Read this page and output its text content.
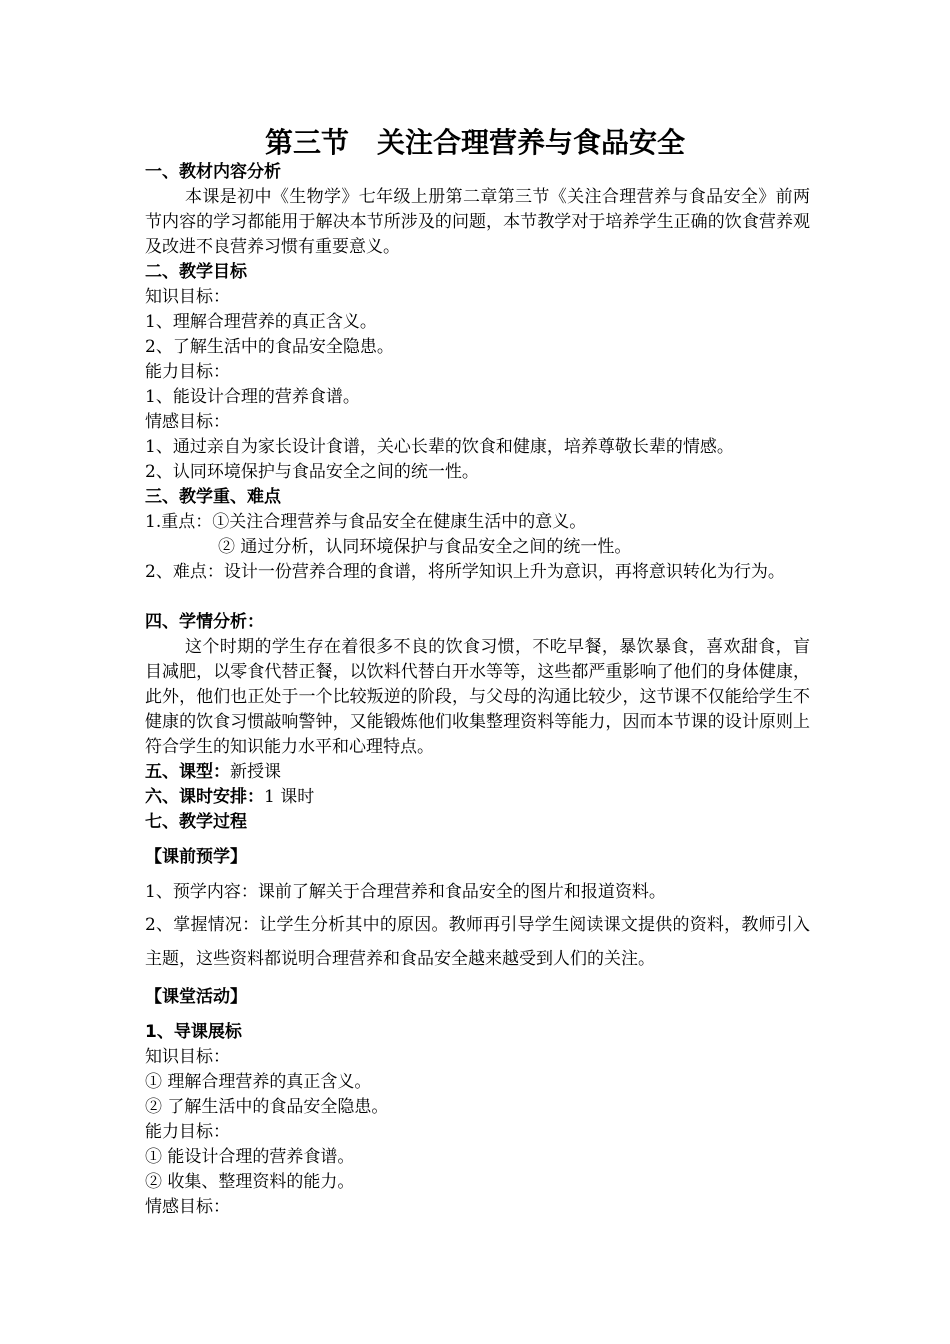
第三节 关注合理营养与食品安全
一、教材内容分析
本课是初中《生物学》七年级上册第二章第三节《关注合理营养与食品安全》前两节内容的学习都能用于解决本节所涉及的问题，本节教学对于培养学生正确的饮食营养观及改进不良营养习惯有重要意义。
二、教学目标
知识目标：
1、理解合理营养的真正含义。
2、了解生活中的食品安全隐患。
能力目标：
1、能设计合理的营养食谱。
情感目标：
1、通过亲自为家长设计食谱，关心长辈的饮食和健康，培养尊敬长辈的情感。
2、认同环境保护与食品安全之间的统一性。
三、教学重、难点
1.重点：①关注合理营养与食品安全在健康生活中的意义。
② 通过分析，认同环境保护与食品安全之间的统一性。
2、难点：设计一份营养合理的食谱，将所学知识上升为意识，再将意识转化为行为。
四、学情分析：
这个时期的学生存在着很多不良的饮食习惯，不吃早餐，暴饮暴食，喜欢甜食，盲目减肥，以零食代替正餐，以饮料代替白开水等等，这些都严重影响了他们的身体健康，此外，他们也正处于一个比较叛逆的阶段，与父母的沟通比较少，这节课不仅能给学生不健康的饮食习惯敲响警钟，又能锻炼他们收集整理资料等能力，因而本节课的设计原则上符合学生的知识能力水平和心理特点。
五、课型：新授课
六、课时安排：1 课时
七、教学过程
【课前预学】
1、预学内容：课前了解关于合理营养和食品安全的图片和报道资料。
2、掌握情况：让学生分析其中的原因。教师再引导学生阅读课文提供的资料，教师引入主题，这些资料都说明合理营养和食品安全越来越受到人们的关注。
【课堂活动】
1、导课展标
知识目标：
① 理解合理营养的真正含义。
② 了解生活中的食品安全隐患。
能力目标：
① 能设计合理的营养食谱。
② 收集、整理资料的能力。
情感目标：
